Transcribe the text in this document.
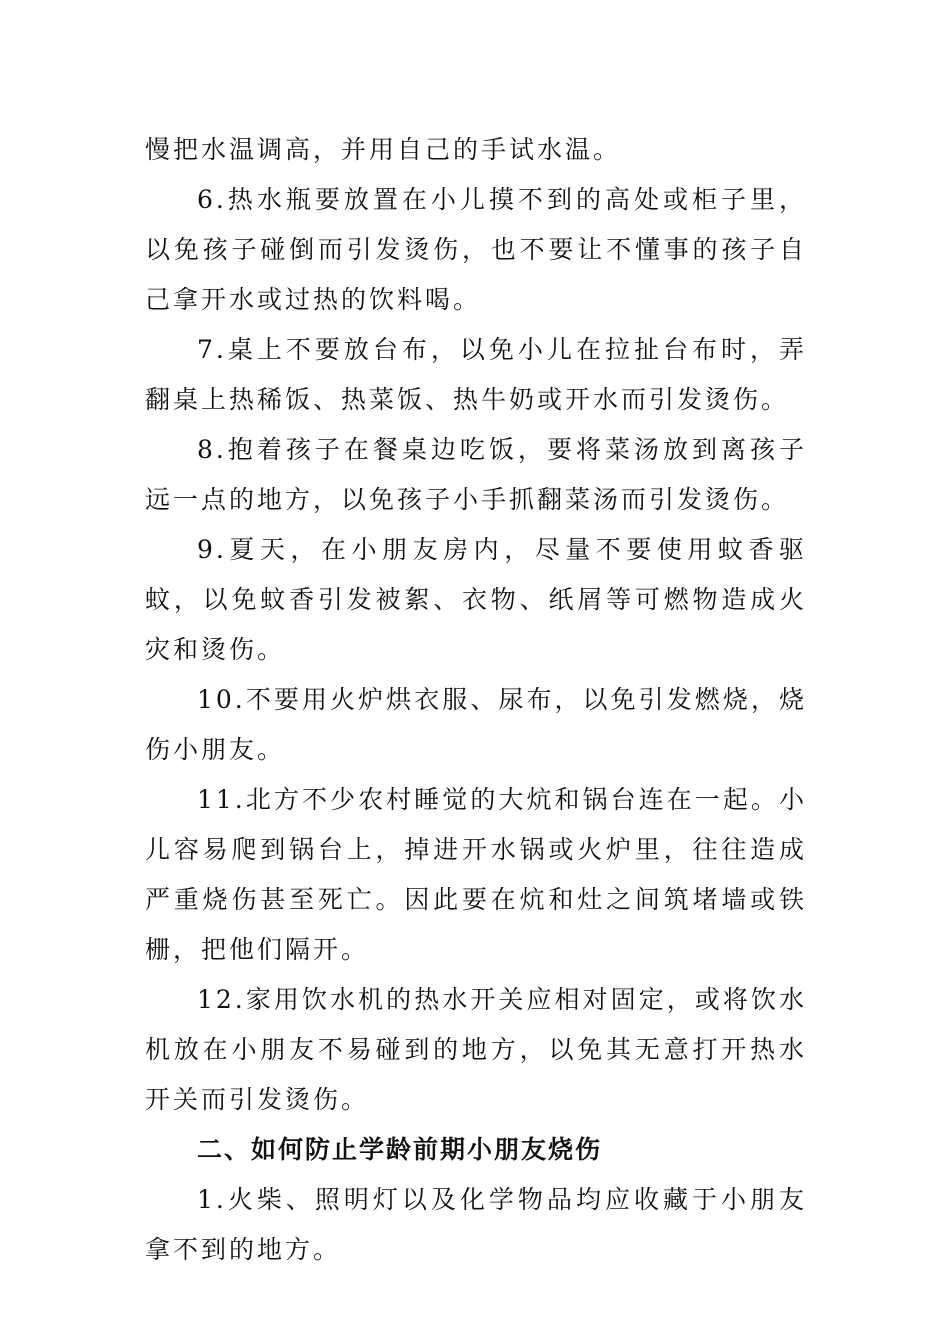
慢把水温调高，并用自己的手试水温。

6.热水瓶要放置在小儿摸不到的高处或柜子里，以免孩子碰倒而引发烫伤，也不要让不懂事的孩子自己拿开水或过热的饮料喝。

7.桌上不要放台布，以免小儿在拉扯台布时，弄翻桌上热稀饭、热菜饭、热牛奶或开水而引发烫伤。

8.抱着孩子在餐桌边吃饭，要将菜汤放到离孩子远一点的地方，以免孩子小手抓翻菜汤而引发烫伤。

9.夏天，在小朋友房内，尽量不要使用蚊香驱蚊，以免蚊香引发被絮、衣物、纸屑等可燃物造成火灾和烫伤。

10.不要用火炉烘衣服、尿布，以免引发燃烧，烧伤小朋友。

11.北方不少农村睡觉的大炕和锅台连在一起。小儿容易爬到锅台上，掉进开水锅或火炉里，往往造成严重烧伤甚至死亡。因此要在炕和灶之间筑堵墙或铁栅，把他们隔开。

12.家用饮水机的热水开关应相对固定，或将饮水机放在小朋友不易碰到的地方，以免其无意打开热水开关而引发烫伤。

二、如何防止学龄前期小朋友烧伤

1.火柴、照明灯以及化学物品均应收藏于小朋友拿不到的地方。
